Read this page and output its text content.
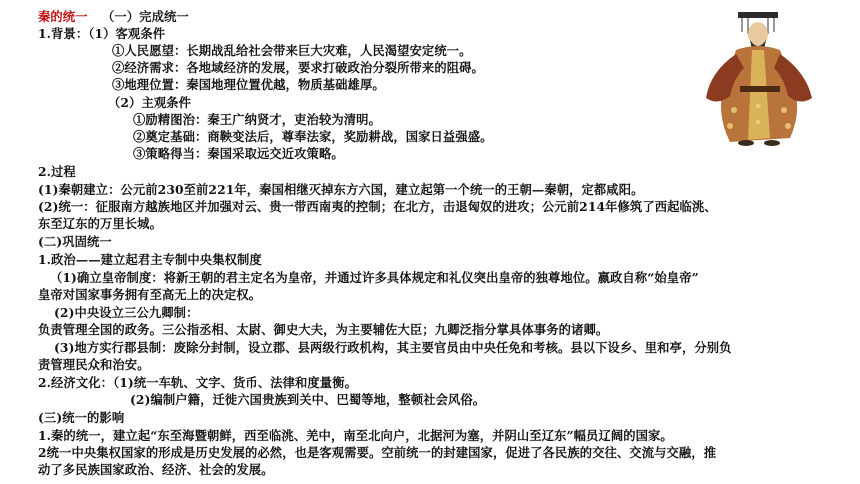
秦的统一 （一）完成统一
1.背景：（1）客观条件
①人民愿望：长期战乱给社会带来巨大灾难，人民渴望安定统一。
②经济需求：各地域经济的发展，要求打破政治分裂所带来的阻碍。
③地理位置：秦国地理位置优越，物质基础雄厚。
（2）主观条件
①励精图治：秦王广纳贤才，吏治较为清明。
②奠定基础：商鞅变法后，尊奉法家，奖励耕战，国家日益强盛。
③策略得当：秦国采取远交近攻策略。
2.过程
(1)秦朝建立：公元前230至前221年，秦国相继灭掉东方六国，建立起第一个统一的王朝—秦朝，定都咸阳。
(2)统一：征服南方越族地区并加强对云、贵一带西南夷的控制；在北方，击退匈奴的进攻；公元前214年修筑了西起临洮、
东至辽东的万里长城。
(二)巩固统一
1.政治——建立起君主专制中央集权制度
（1)确立皇帝制度：将新王朝的君主定名为皇帝，并通过许多具体规定和礼仪突出皇帝的独尊地位。嬴政自称“始皇帝”
皇帝对国家事务拥有至高无上的决定权。
(2)中央设立三公九卿制：
负责管理全国的政务。三公指丞相、太尉、御史大夫，为主要辅佐大臣；九卿泛指分掌具体事务的诸卿。
(3)地方实行郡县制：废除分封制，设立郡、县两级行政机构，其主要官员由中央任免和考核。县以下设乡、里和亭，分别负
责管理民众和治安。
2.经济文化：（1)统一车轨、文字、货币、法律和度量衡。
(2)编制户籍，迁徙六国贵族到关中、巴蜀等地，整顿社会风俗。
(三)统一的影响
1.秦的统一，建立起“东至海暨朝鲜，西至临洮、羌中，南至北向户，北据河为塞，并阴山至辽东”幅员辽阔的国家。
2统一中央集权国家的形成是历史发展的必然，也是客观需要。空前统一的封建国家，促进了各民族的交往、交流与交融，推
动了多民族国家政治、经济、社会的发展。
